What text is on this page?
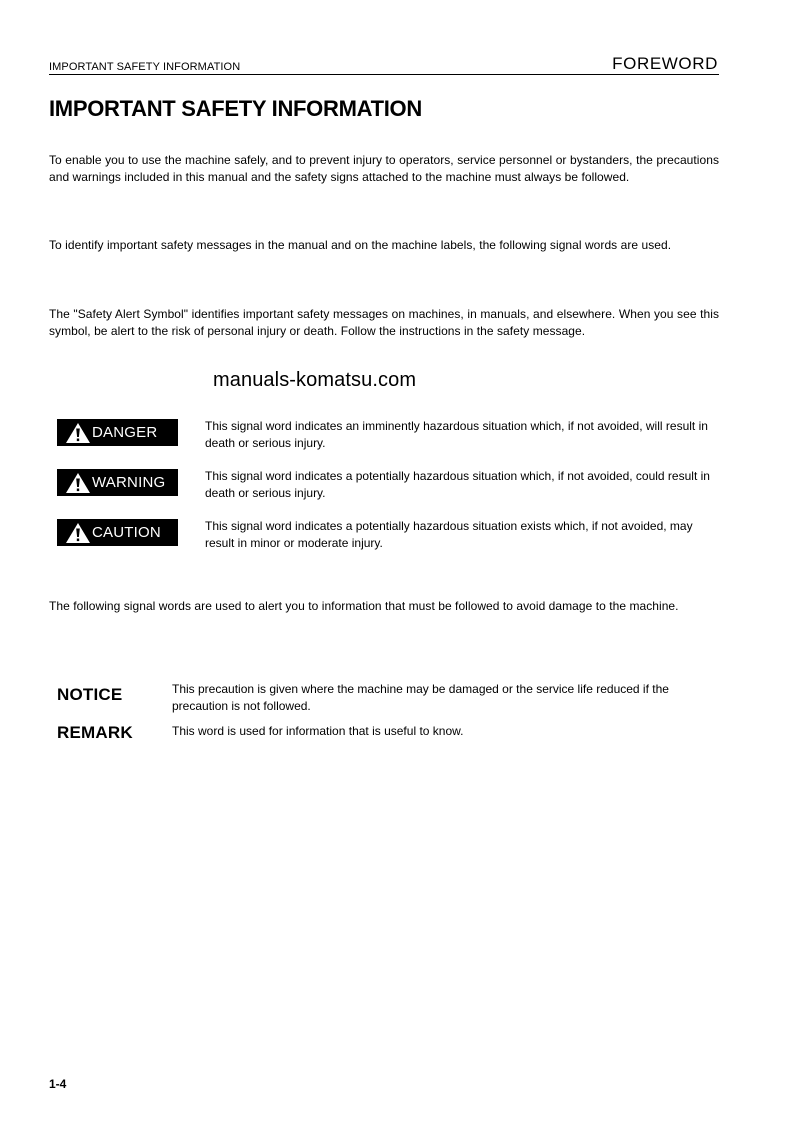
IMPORTANT SAFETY INFORMATION	FOREWORD
IMPORTANT SAFETY INFORMATION

To enable you to use the machine safely, and to prevent injury to operators, service personnel or bystanders, the precautions and warnings included in this manual and the safety signs attached to the machine must always be followed.

To identify important safety messages in the manual and on the machine labels, the following signal words are used.

The "Safety Alert Symbol" identifies important safety messages on machines, in manuals, and elsewhere. When you see this symbol, be alert to the risk of personal injury or death. Follow the instructions in the safety message.

manuals-komatsu.com
DANGER	This signal word indicates an imminently hazardous situation which, if not avoided, will result in death or serious injury.

WARNING	This signal word indicates a potentially hazardous situation which, if not avoided, could result in death or serious injury.

CAUTION	This signal word indicates a potentially hazardous situation exists which, if not avoided, may result in minor or moderate injury.

The following signal words are used to alert you to information that must be followed to avoid damage to the machine.

NOTICE	This precaution is given where the machine may be damaged or the service life reduced if the precaution is not followed.

REMARK	This word is used for information that is useful to know.

1-4
